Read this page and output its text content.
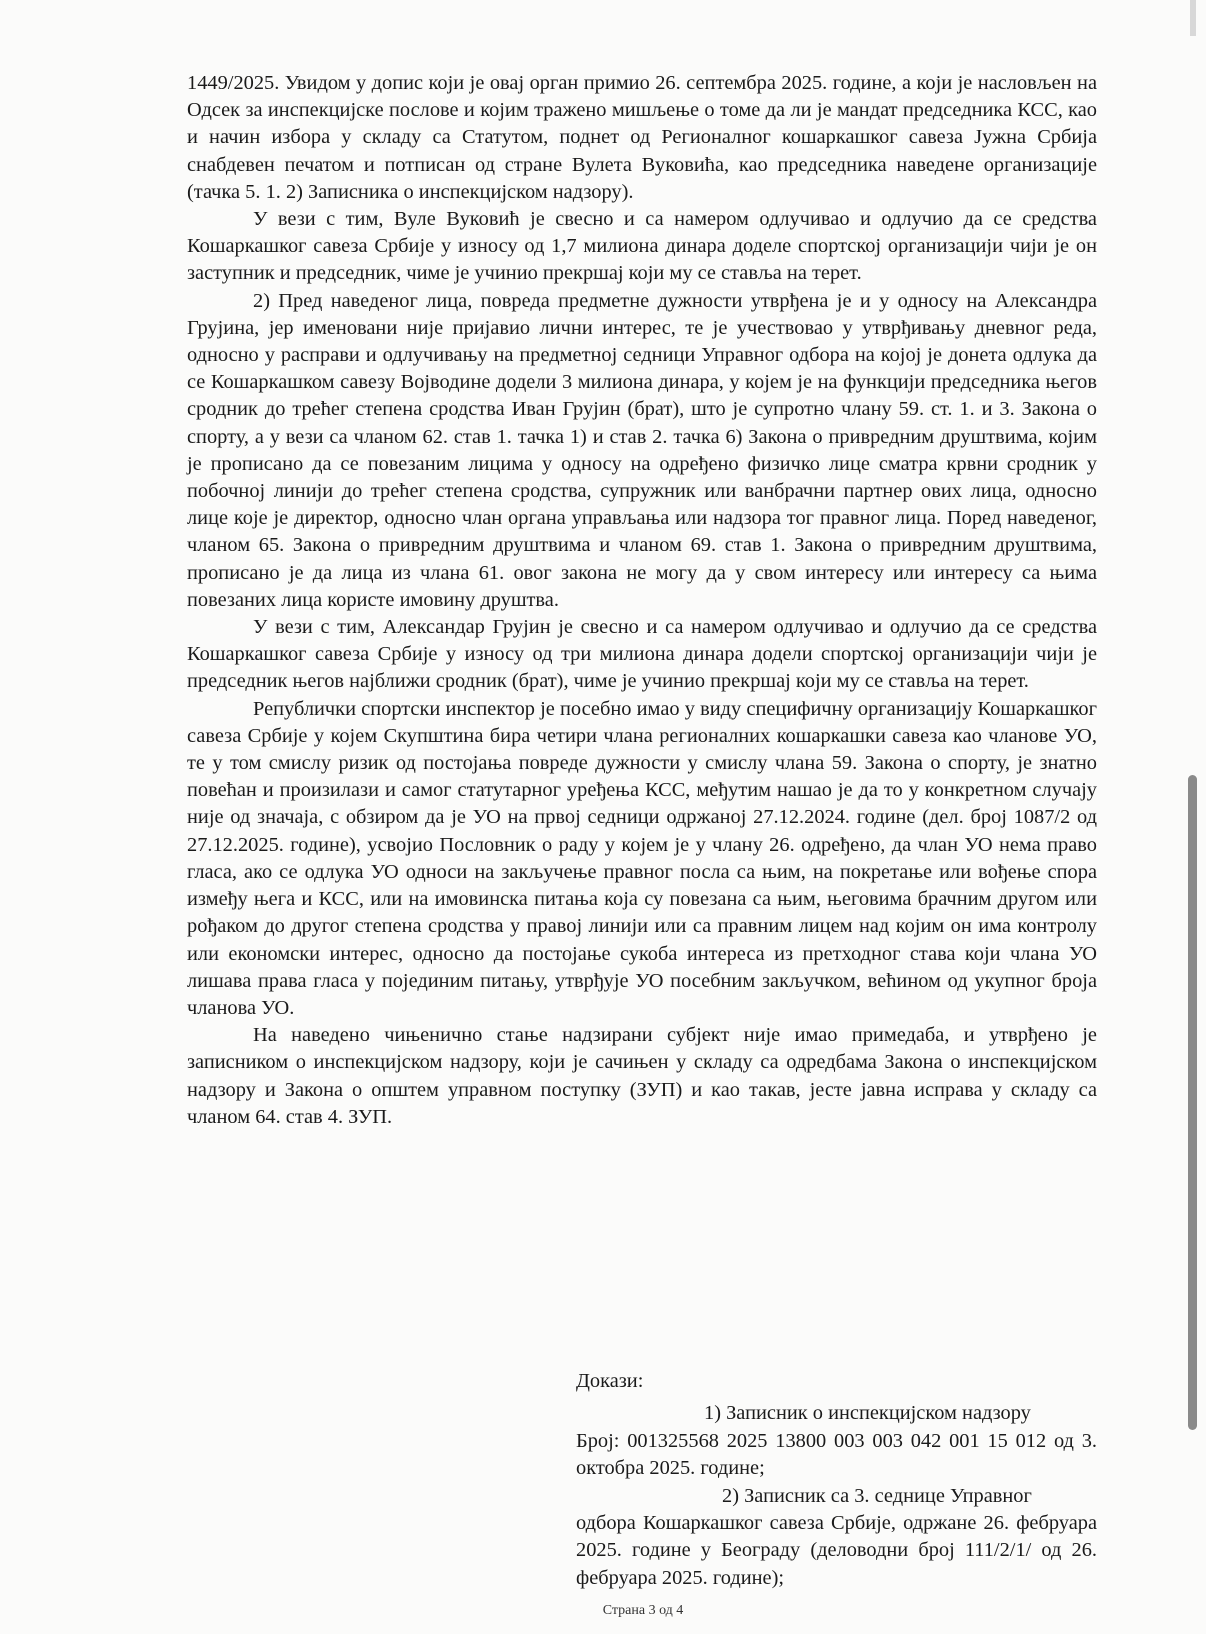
1449/2025. Увидом у допис који је овај орган примио 26. септембра 2025. године, а који је насловљен на Одсек за инспекцијске послове и којим тражено мишљење о томе да ли је мандат председника КСС, као и начин избора у складу са Статутом, поднет од Регионалног кошаркашког савеза Јужна Србија снабдевен печатом и потписан од стране Вулета Вуковића, као председника наведене организације (тачка 5. 1. 2) Записника о инспекцијском надзору).

У вези с тим, Вуле Вуковић је свесно и са намером одлучивао и одлучио да се средства Кошаркашког савеза Србије у износу од 1,7 милиона динара доделе спортској организацији чији је он заступник и председник, чиме је учинио прекршај који му се ставља на терет.

2) Пред наведеног лица, повреда предметне дужности утврђена је и у односу на Александра Грујина, јер именовани није пријавио лични интерес, те је учествовао у утврђивању дневног реда, односно у расправи и одлучивању на предметној седници Управног одбора на којој је донета одлука да се Кошаркашком савезу Војводине додели 3 милиона динара, у којем је на функцији председника његов сродник до трећег степена сродства Иван Грујин (брат), што је супротно члану 59. ст. 1. и 3. Закона о спорту, а у вези са чланом 62. став 1. тачка 1) и став 2. тачка 6) Закона о привредним друштвима, којим је прописано да се повезаним лицима у односу на одређено физичко лице сматра крвни сродник у побочној линији до трећег степена сродства, супружник или ванбрачни партнер ових лица, односно лице које је директор, односно члан органа управљања или надзора тог правног лица. Поред наведеног, чланом 65. Закона о привредним друштвима и чланом 69. став 1. Закона о привредним друштвима, прописано је да лица из члана 61. овог закона не могу да у свом интересу или интересу са њима повезаних лица користе имовину друштва.

У вези с тим, Александар Грујин је свесно и са намером одлучивао и одлучио да се средства Кошаркашког савеза Србије у износу од три милиона динара додели спортској организацији чији је председник његов најближи сродник (брат), чиме је учинио прекршај који му се ставља на терет.

Републички спортски инспектор је посебно имао у виду специфичну организацију Кошаркашког савеза Србије у којем Скупштина бира четири члана регионалних кошаркашки савеза као чланове УО, те у том смислу ризик од постојања повреде дужности у смислу члана 59. Закона о спорту, је знатно повећан и произилази и самог статутарног уређења КСС, међутим нашао је да то у конкретном случају није од значаја, с обзиром да је УО на првој седници одржаној 27.12.2024. године (дел. број 1087/2 од 27.12.2025. године), усвојио Пословник о раду у којем је у члану 26. одређено, да члан УО нема право гласа, ако се одлука УО односи на закључење правног посла са њим, на покретање или вођење спора између њега и КСС, или на имовинска питања која су повезана са њим, његовима брачним другом или рођаком до другог степена сродства у правој линији или са правним лицем над којим он има контролу или економски интерес, односно да постојање сукоба интереса из претходног става који члана УО лишава права гласа у појединим питању, утврђује УО посебним закључком, већином од укупног броја чланова УО.

На наведено чињенично стање надзирани субјект није имао примедаба, и утврђено је записником о инспекцијском надзору, који је сачињен у складу са одредбама Закона о инспекцијском надзору и Закона о општем управном поступку (ЗУП) и као такав, јесте јавна исправа у складу са чланом 64. став 4. ЗУП.

Докази:

1) Записник о инспекцијском надзору

Број: 001325568 2025 13800 003 003 042 001 15 012 од 3. октобра 2025. године;

2) Записник са 3. седнице Управног

одбора Кошаркашког савеза Србије, одржане 26. фебруара 2025. године у Београду (деловодни број 111/2/1/ од 26. фебруара 2025. године);

Страна 3 од 4
